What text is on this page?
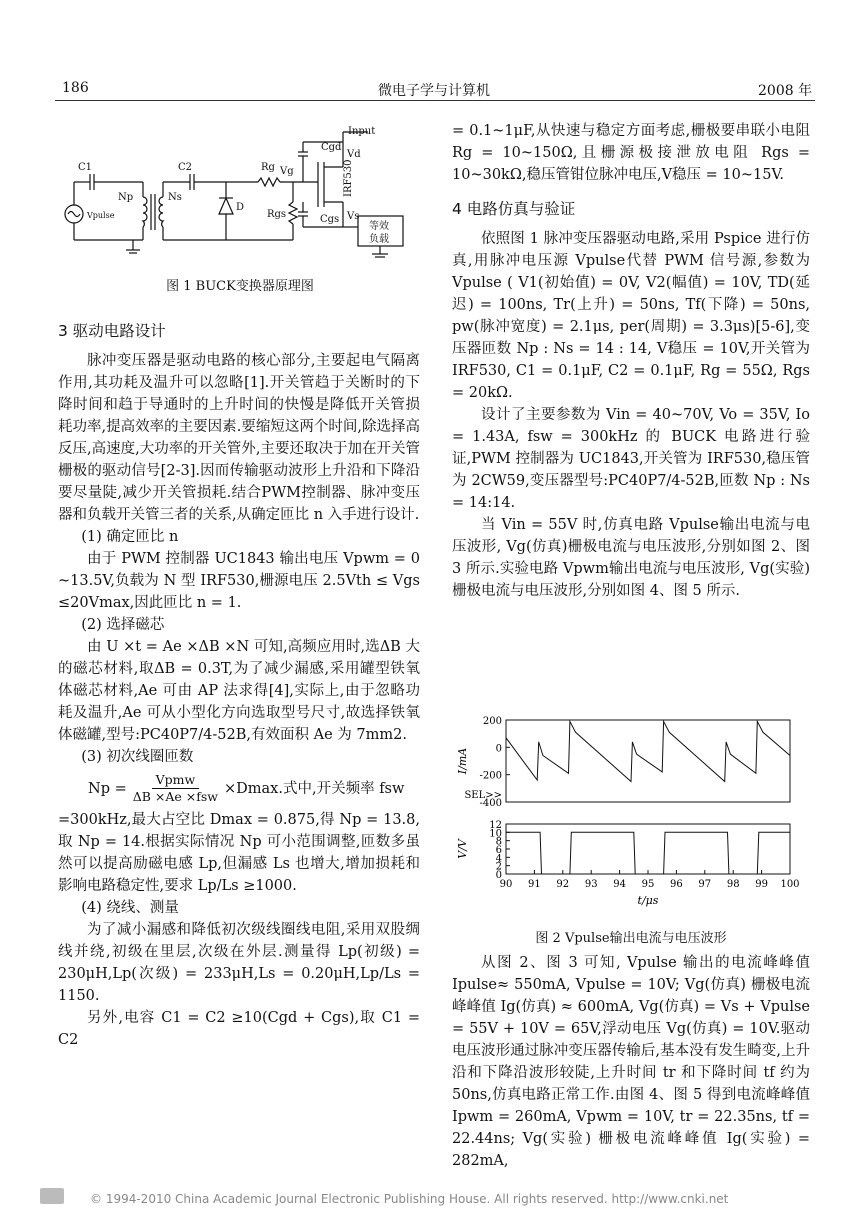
186	微电子学与计算机	2008 年
Input
C1	C2	Rg Vg
Cgd
Vd
IRF530
Np	Ns
D
Rgs	Cgs Vs
Vpulse
等效
负载

图 1 BUCK变换器原理图

3 驱动电路设计

脉冲变压器是驱动电路的核心部分,主要起电气隔离作用,其功耗及温升可以忽略[1].开关管趋于关断时的下降时间和趋于导通时的上升时间的快慢是降低开关管损耗功率,提高效率的主要因素.要缩短这两个时间,除选择高反压,高速度,大功率的开关管外,主要还取决于加在开关管栅极的驱动信号[2-3].因而传输驱动波形上升沿和下降沿要尽量陡,减少开关管损耗.结合PWM控制器、脉冲变压器和负载开关管三者的关系,从确定匝比 n 入手进行设计.

(1) 确定匝比 n

由于 PWM 控制器 UC1843 输出电压 Vpwm = 0 ~13.5V,负载为 N 型 IRF530,栅源电压 2.5Vth ≤ Vgs ≤20Vmax,因此匝比 n = 1.

(2) 选择磁芯

由 U ×t = Ae ×ΔB ×N 可知,高频应用时,选ΔB 大的磁芯材料,取ΔB = 0.3T,为了减少漏感,采用罐型铁氧体磁芯材料,Ae 可由 AP 法求得[4],实际上,由于忽略功耗及温升,Ae 可从小型化方向选取型号尺寸,故选择铁氧体磁罐,型号:PC40P7/4-52B,有效面积 Ae 为 7mm2.

(3) 初次线圈匝数

Np =
Vpmw
ΔB ×Ae ×fsw ×Dmax.式中,开关频率 fsw

=300kHz,最大占空比 Dmax = 0.875,得 Np = 13.8,取 Np = 14.根据实际情况 Np 可小范围调整,匝数多虽然可以提高励磁电感 Lp,但漏感 Ls 也增大,增加损耗和影响电路稳定性,要求 Lp/Ls ≥1000.

(4) 绕线、测量

为了减小漏感和降低初次级线圈线电阻,采用双股绸线并绕,初级在里层,次级在外层.测量得 Lp(初级) = 230μH,Lp(次级) = 233μH,Ls = 0.20μH,Lp/Ls = 1150.

另外,电容 C1 = C2 ≥10(Cgd + Cgs),取 C1 = C2

= 0.1~1μF,从快速与稳定方面考虑,栅极要串联小电阻 Rg = 10~150Ω,且栅源极接泄放电阻 Rgs = 10~30kΩ,稳压管钳位脉冲电压,V稳压 = 10~15V.

4 电路仿真与验证

依照图 1 脉冲变压器驱动电路,采用 Pspice 进行仿真,用脉冲电压源 Vpulse代替 PWM 信号源,参数为 Vpulse ( V1(初始值) = 0V, V2(幅值) = 10V, TD(延迟) = 100ns, Tr(上升) = 50ns, Tf(下降) = 50ns, pw(脉冲宽度) = 2.1μs, per(周期) = 3.3μs)[5-6],变压器匝数 Np : Ns = 14 : 14, V稳压 = 10V,开关管为 IRF530, C1 = 0.1μF, C2 = 0.1μF, Rg = 55Ω, Rgs = 20kΩ.

设计了主要参数为 Vin = 40~70V, Vo = 35V, Io = 1.43A, fsw = 300kHz 的 BUCK 电路进行验证,PWM 控制器为 UC1843,开关管为 IRF530,稳压管为 2CW59,变压器型号:PC40P7/4-52B,匝数 Np : Ns = 14:14.

当 Vin = 55V 时,仿真电路 Vpulse输出电流与电压波形, Vg(仿真)栅极电流与电压波形,分别如图 2、图 3 所示.实验电路 Vpwm输出电流与电压波形, Vg(实验)栅极电流与电压波形,分别如图 4、图 5 所示.

200
0
-200
-400
I/mA
SEL>>
12
10
8
6
4
2
0
V/V
90 91 92 93 94 95 96 97 98 99 100
t/μs

图 2 Vpulse输出电流与电压波形

从图 2、图 3 可知, Vpulse 输出的电流峰峰值 Ipulse≈ 550mA, Vpulse = 10V; Vg(仿真) 栅极电流峰峰值 Ig(仿真) ≈ 600mA, Vg(仿真) = Vs + Vpulse = 55V + 10V = 65V,浮动电压 Vg(仿真) = 10V.驱动电压波形通过脉冲变压器传输后,基本没有发生畸变,上升沿和下降沿波形较陡,上升时间 tr 和下降时间 tf 约为 50ns,仿真电路正常工作.由图 4、图 5 得到电流峰峰值 Ipwm = 260mA, Vpwm = 10V, tr = 22.35ns, tf = 22.44ns; Vg(实验) 栅极电流峰峰值 Ig(实验) = 282mA,

© 1994-2010 China Academic Journal Electronic Publishing House. All rights reserved. http://www.cnki.net
